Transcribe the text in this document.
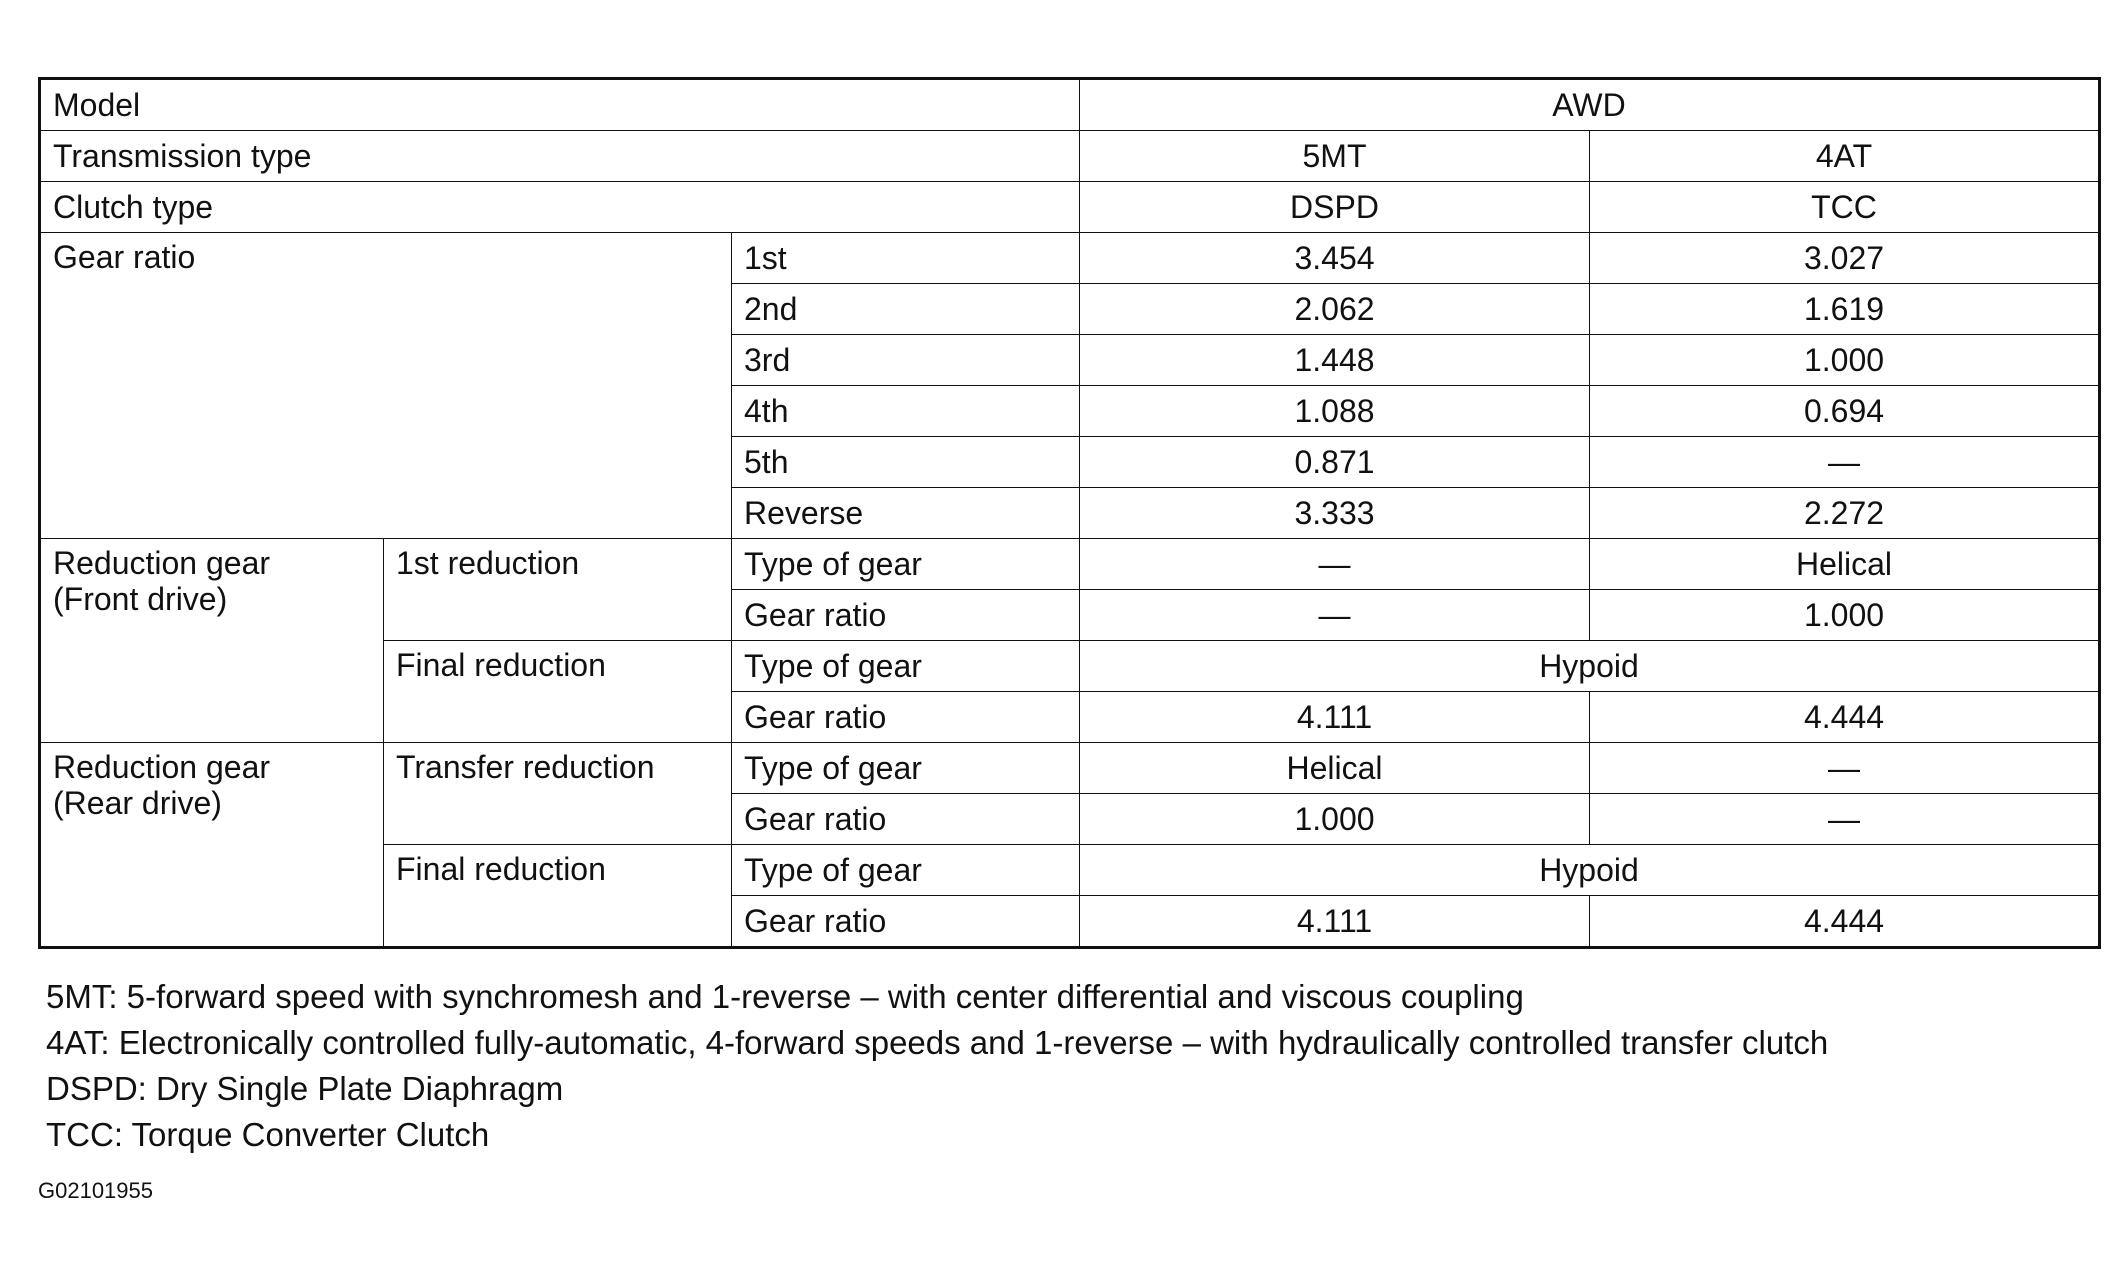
Model			AWD	
Transmission type			5MT	4AT
Clutch type			DSPD	TCC
Gear ratio		1st	3.454	3.027
		2nd	2.062	1.619
		3rd	1.448	1.000
		4th	1.088	0.694
		5th	0.871	—
		Reverse	3.333	2.272

Reduction gear
(Front drive)	1st reduction	Type of gear	—	Helical
		Gear ratio	—	1.000
	Final reduction	Type of gear	Hypoid	
		Gear ratio	4.111	4.444

Reduction gear
(Rear drive)	Transfer reduction	Type of gear	Helical	—
		Gear ratio	1.000	—
	Final reduction	Type of gear	Hypoid	
		Gear ratio	4.111	4.444
5MT: 5-forward speed with synchromesh and 1-reverse – with center differential and viscous coupling
4AT: Electronically controlled fully-automatic, 4-forward speeds and 1-reverse – with hydraulically controlled transfer clutch
DSPD: Dry Single Plate Diaphragm
TCC: Torque Converter Clutch
G02101955
